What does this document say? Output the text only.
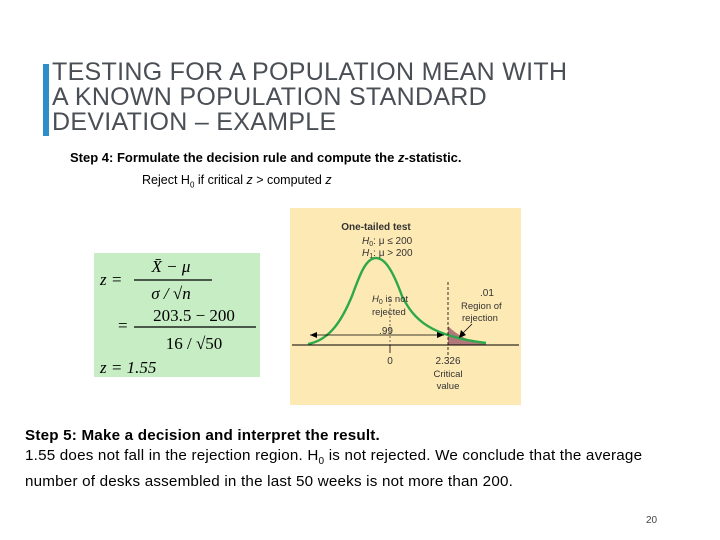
TESTING FOR A POPULATION MEAN WITH
A KNOWN POPULATION STANDARD
DEVIATION – EXAMPLE
Step 4: Formulate the decision rule and compute the z-statistic.
Reject $H_0$ if critical z > computed z
z =
X̄ − μ
σ / √n
=
203.5 − 200
16 / √50
z = 1.55
One-tailed test
$H_0$: μ ≤ 200
$H_1$: μ > 200
$H_0$ is not
rejected
.01
Region of
rejection
.99
0	2.326
Critical
value
Step 5: Make a decision and interpret the result.
1.55 does not fall in the rejection region. $H_0$ is not rejected. We conclude that the average number of desks assembled in the last 50 weeks is not more than 200.
20
